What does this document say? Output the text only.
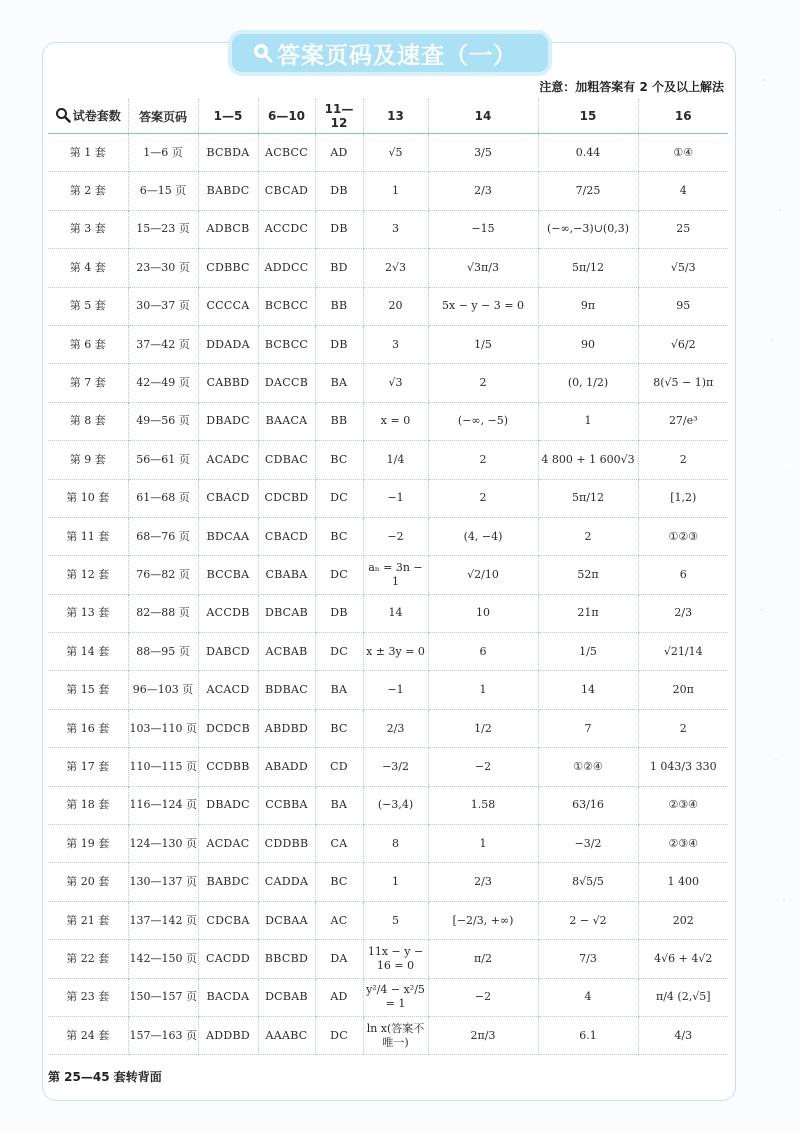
答案页码及速查（一）
注意：加粗答案有 2 个及以上解法
试卷套数	答案页码	1—5	6—10	11—12	13	14	15	16
第 1 套	1—6 页	BCBDA	ACBCC	AD	√5	3/5	0.44	①④
第 2 套	6—15 页	BABDC	CBCAD	DB	1	2/3	7/25	4
第 3 套	15—23 页	ADBCB	ACCDC	DB	3	−15	(−∞,−3)∪(0,3)	25
第 4 套	23—30 页	CDBBC	ADDCC	BD	2√3	√3π/3	5π/12	√5/3
第 5 套	30—37 页	CCCCA	BCBCC	BB	20	5x − y − 3 = 0	9π	95
第 6 套	37—42 页	DDADA	BCBCC	DB	3	1/5	90	√6/2
第 7 套	42—49 页	CABBD	DACCB	BA	√3	2	(0, 1/2)	8(√5 − 1)π
第 8 套	49—56 页	DBADC	BAACA	BB	x = 0	(−∞, −5)	1	27/e³
第 9 套	56—61 页	ACADC	CDBAC	BC	1/4	2	4 800 + 1 600√3	2
第 10 套	61—68 页	CBACD	CDCBD	DC	−1	2	5π/12	[1,2)
第 11 套	68—76 页	BDCAA	CBACD	BC	−2	(4, −4)	2	①②③
第 12 套	76—82 页	BCCBA	CBABA	DC	aₙ = 3n − 1	√2/10	52π	6
第 13 套	82—88 页	ACCDB	DBCAB	DB	14	10	21π	2/3
第 14 套	88—95 页	DABCD	ACBAB	DC	x ± 3y = 0	6	1/5	√21/14
第 15 套	96—103 页	ACACD	BDBAC	BA	−1	1	14	20π
第 16 套	103—110 页	DCDCB	ABDBD	BC	2/3	1/2	7	2
第 17 套	110—115 页	CCDBB	ABADD	CD	−3/2	−2	①②④	1 043/3 330
第 18 套	116—124 页	DBADC	CCBBA	BA	(−3,4)	1.58	63/16	②③④
第 19 套	124—130 页	ACDAC	CDDBB	CA	8	1	−3/2	②③④
第 20 套	130—137 页	BABDC	CADDA	BC	1	2/3	8√5/5	1 400
第 21 套	137—142 页	CDCBA	DCBAA	AC	5	[−2/3, +∞)	2 − √2	202
第 22 套	142—150 页	CACDD	BBCBD	DA	11x − y − 16 = 0	π/2	7/3	4√6 + 4√2
第 23 套	150—157 页	BACDA	DCBAB	AD	y²/4 − x²/5 = 1	−2	4	π/4 (2,√5]
第 24 套	157—163 页	ADDBD	AAABC	DC	ln x(答案不唯一)	2π/3	6.1	4/3
第 25—45 套转背面
